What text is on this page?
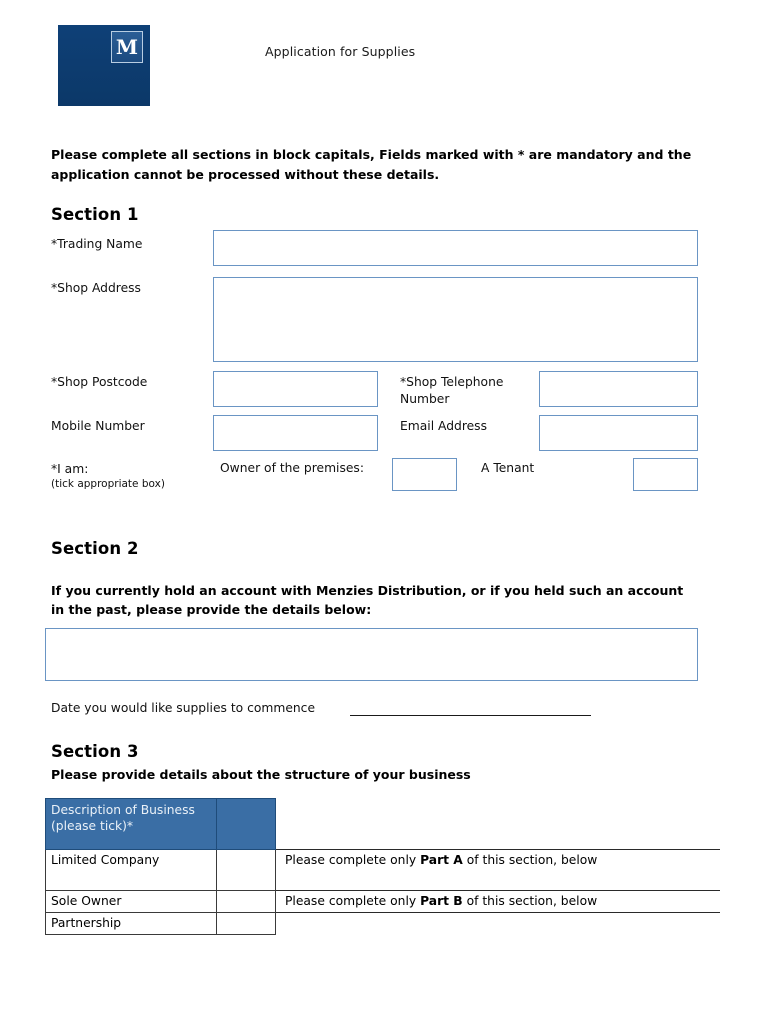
M	Application for Supplies
Please complete all sections in block capitals, Fields marked with * are mandatory and the application cannot be processed without these details.
Section 1
*Trading Name
*Shop Address
*Shop Postcode	*Shop Telephone Number
Mobile Number	Email Address
*I am:
(tick appropriate box)
Owner of the premises:	A Tenant
Section 2
If you currently hold an account with Menzies Distribution, or if you held such an account in the past, please provide the details below:
Date you would like supplies to commence
Section 3
Please provide details about the structure of your business
Description of Business
(please tick)*		
Limited Company		Please complete only Part A of this section, below
Sole Owner		Please complete only Part B of this section, below
Partnership		
